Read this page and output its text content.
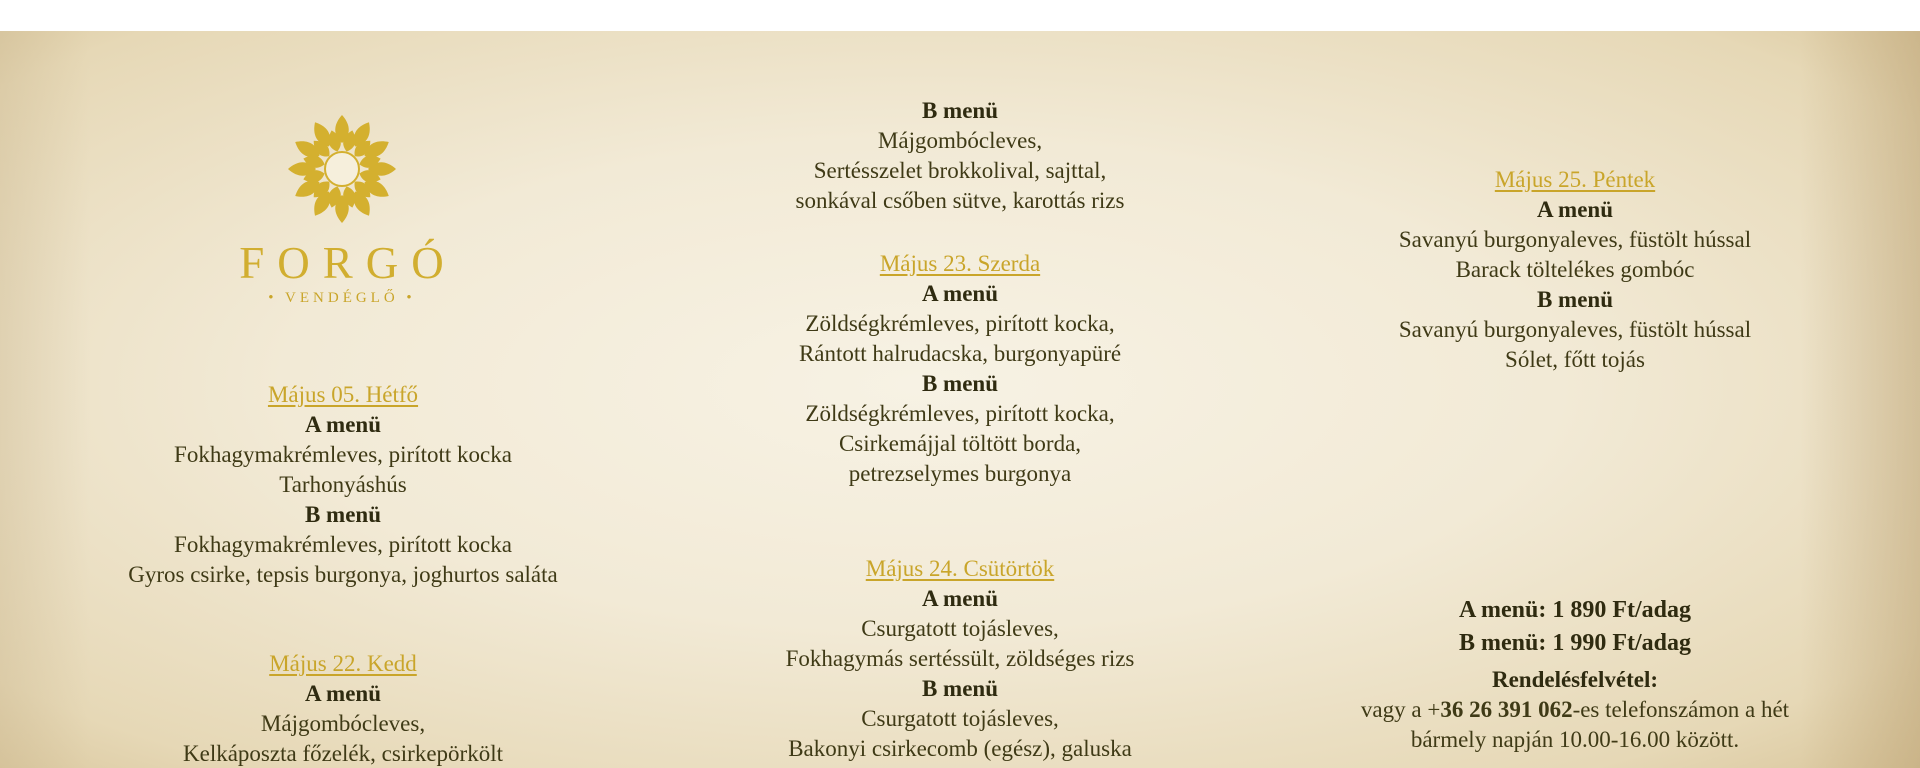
FORGÓ
• VENDÉGLŐ •

Május 05. Hétfő

A menü

Fokhagymakrémleves, pirított kocka

Tarhonyáshús

B menü

Fokhagymakrémleves, pirított kocka

Gyros csirke, tepsis burgonya, joghurtos saláta

Május 22. Kedd

A menü

Májgombócleves,

Kelkáposzta főzelék, csirkepörkölt

B menü

Májgombócleves,

Sertésszelet brokkolival, sajttal,

sonkával csőben sütve, karottás rizs

Május 23. Szerda

A menü

Zöldségkrémleves, pirított kocka,

Rántott halrudacska, burgonyapüré

B menü

Zöldségkrémleves, pirított kocka,

Csirkemájjal töltött borda,

petrezselymes burgonya

Május 24. Csütörtök

A menü

Csurgatott tojásleves,

Fokhagymás sertéssült, zöldséges rizs

B menü

Csurgatott tojásleves,

Bakonyi csirkecomb (egész), galuska

Május 25. Péntek

A menü

Savanyú burgonyaleves, füstölt hússal

Barack töltelékes gombóc

B menü

Savanyú burgonyaleves, füstölt hússal

Sólet, főtt tojás

A menü: 1 890 Ft/adag

B menü: 1 990 Ft/adag

Rendelésfelvétel:

vagy a +36 26 391 062-es telefonszámon a hét

bármely napján 10.00-16.00 között.
